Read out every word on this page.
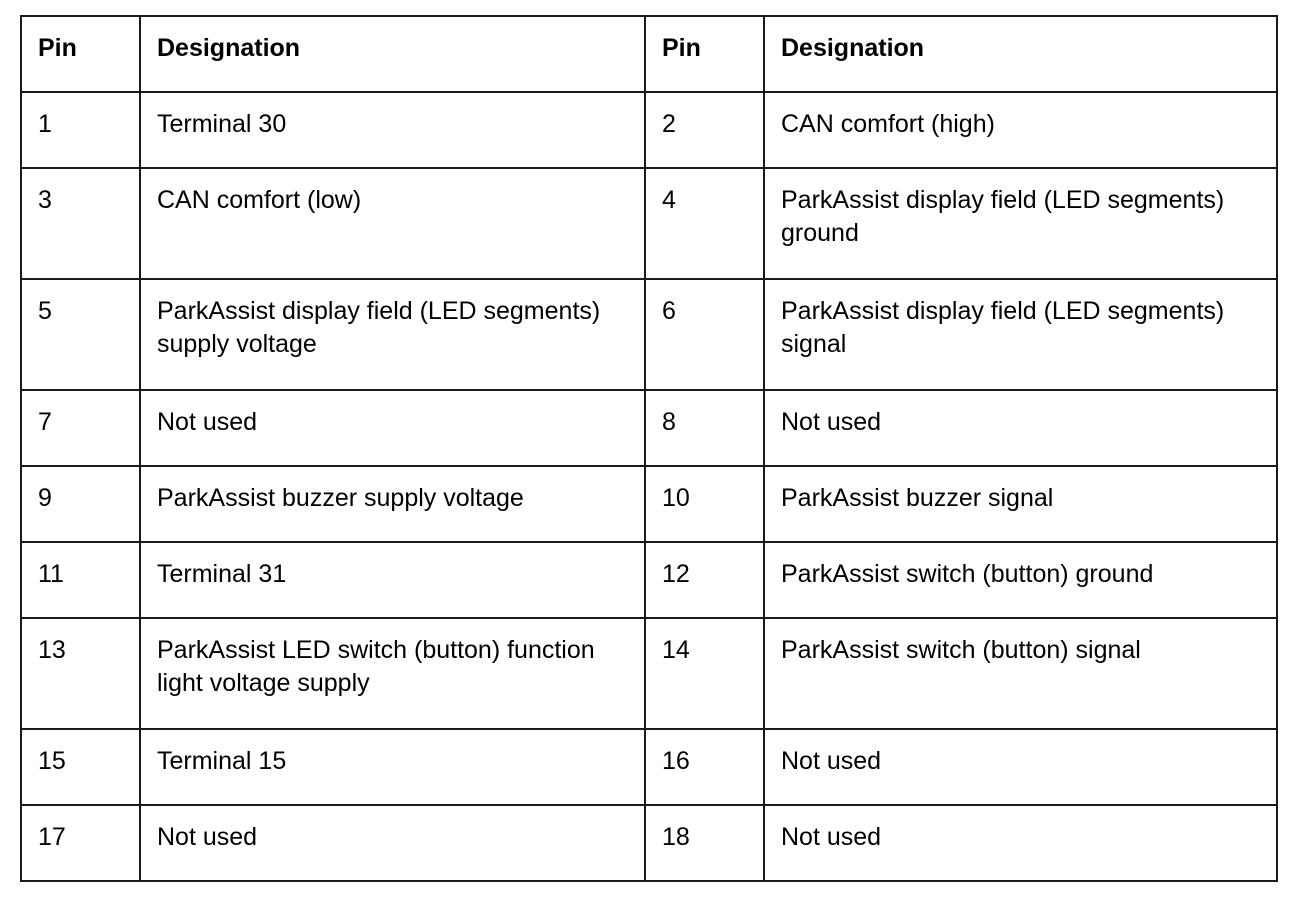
Pin	Designation	Pin	Designation
1	Terminal 30	2	CAN comfort (high)
3	CAN comfort (low)	4	ParkAssist display field (LED segments) ground
5	ParkAssist display field (LED segments) supply voltage	6	ParkAssist display field (LED segments) signal
7	Not used	8	Not used
9	ParkAssist buzzer supply voltage	10	ParkAssist buzzer signal
11	Terminal 31	12	ParkAssist switch (button) ground
13	ParkAssist LED switch (button) function light voltage supply	14	ParkAssist switch (button) signal
15	Terminal 15	16	Not used
17	Not used	18	Not used
